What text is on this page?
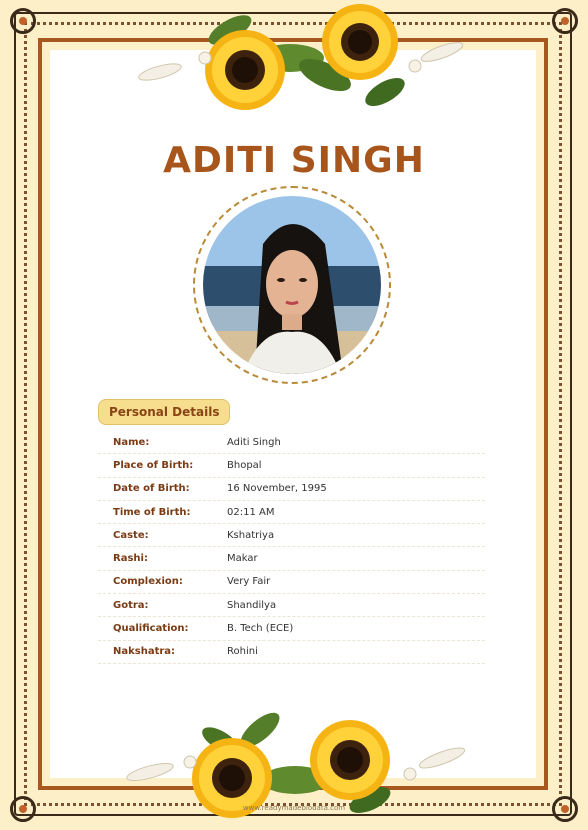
ADITI SINGH
Personal Details
Name:	Aditi Singh
Place of Birth:	Bhopal
Date of Birth:	16 November, 1995
Time of Birth:	02:11 AM
Caste:	Kshatriya
Rashi:	Makar
Complexion:	Very Fair
Gotra:	Shandilya
Qualification:	B. Tech (ECE)
Nakshatra:	Rohini
www.readymadebiodata.com
